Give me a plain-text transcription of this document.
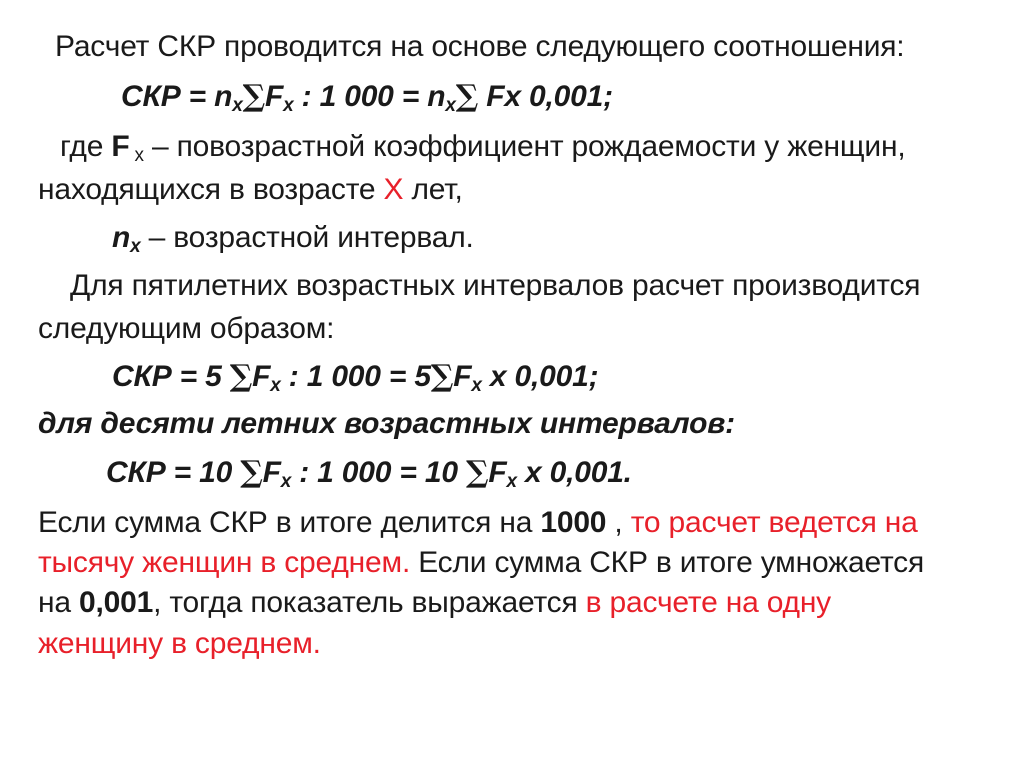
Расчет СКР проводится на основе следующего соотношения:
СКР = $n_x\sum F_x$ : 1 $000 = n_x\sum$ Fx 0,001;
где F $_x$ – повозрастной коэффициент рождаемости у женщин,
находящихся в возрасте X лет,
$n_x$ – возрастной интервал.
Для пятилетних возрастных интервалов расчет производится
следующим образом:
СКР = 5 $\sum F_x$ : 1 $000 = 5\sum F_x$ x 0,001;
для десяти летних возрастных интервалов:
СКР = 10 $\sum F_x$ : 1 000 = 10 $\sum F_x$ x 0,001.
Если сумма СКР в итоге делится на 1000 , то расчет ведется на
тысячу женщин в среднем. Если сумма СКР в итоге умножается
на 0,001, тогда показатель выражается в расчете на одну
женщину в среднем.
